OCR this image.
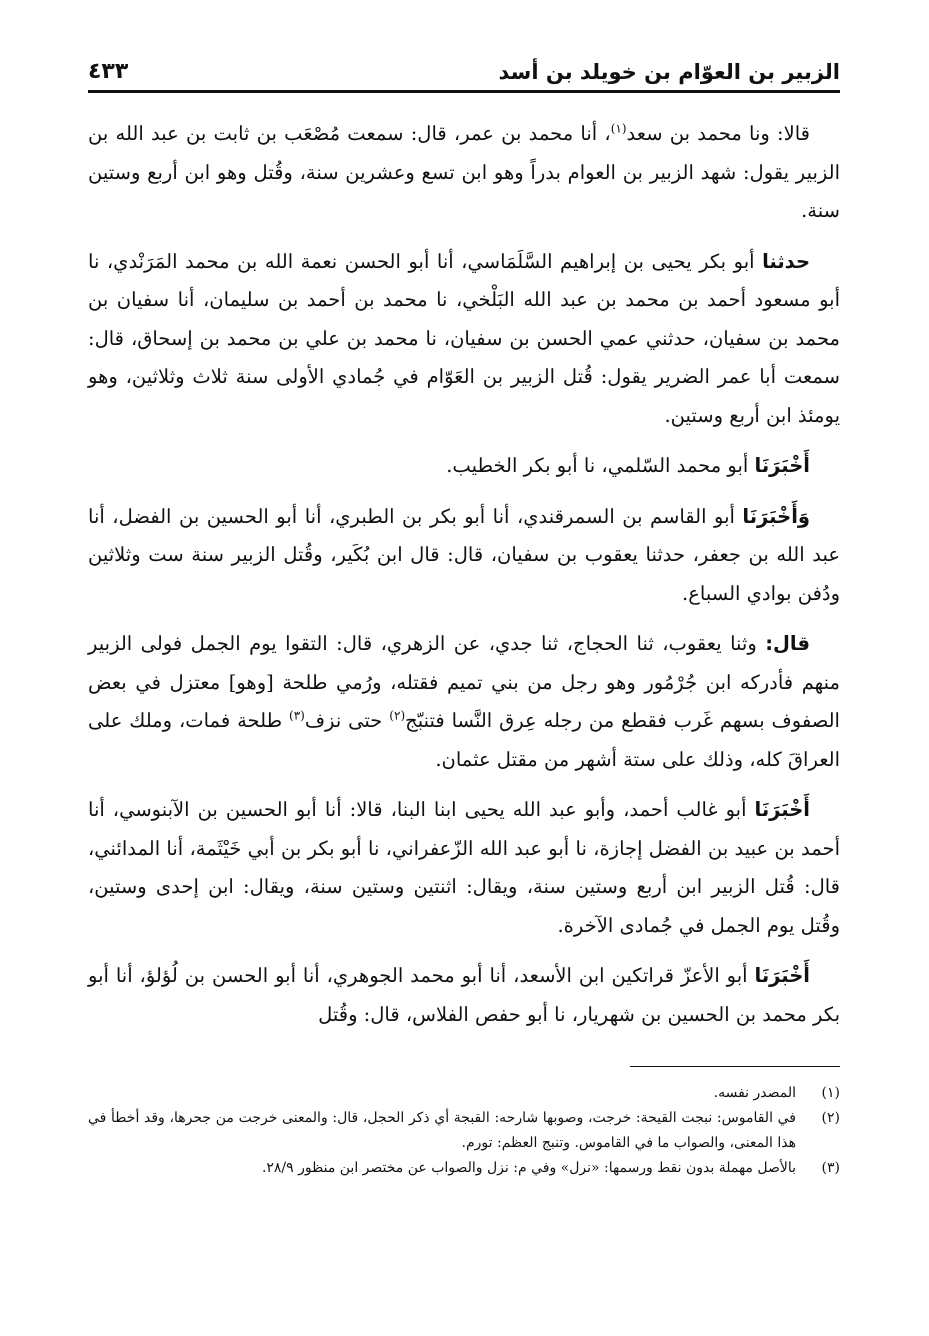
الزبير بن العوّام بن خويلد بن أسد
٤٣٣

قالا: ونا محمد بن سعد$^{(١)}$، أنا محمد بن عمر، قال: سمعت مُصْعَب بن ثابت بن عبد الله بن الزبير يقول: شهد الزبير بن العوام بدراً وهو ابن تسع وعشرين سنة، وقُتل وهو ابن أربع وستين سنة.

حدثنا أبو بكر يحيى بن إبراهيم السَّلَمَاسي، أنا أبو الحسن نعمة الله بن محمد المَرَنْدي، نا أبو مسعود أحمد بن محمد بن عبد الله البَلْخي، نا محمد بن أحمد بن سليمان، أنا سفيان بن محمد بن سفيان، حدثني عمي الحسن بن سفيان، نا محمد بن علي بن محمد بن إسحاق، قال: سمعت أبا عمر الضرير يقول: قُتل الزبير بن العَوّام في جُمادي الأولى سنة ثلاث وثلاثين، وهو يومئذ ابن أربع وستين.

أَخْبَرَنَا أبو محمد السّلمي، نا أبو بكر الخطيب.

وَأَخْبَرَنَا أبو القاسم بن السمرقندي، أنا أبو بكر بن الطبري، أنا أبو الحسين بن الفضل، أنا عبد الله بن جعفر، حدثنا يعقوب بن سفيان، قال: قال ابن بُكَير، وقُتل الزبير سنة ست وثلاثين ودُفن بوادي السباع.

قال: وثنا يعقوب، ثنا الحجاج، ثنا جدي، عن الزهري، قال: التقوا يوم الجمل فولى الزبير منهم فأدركه ابن جُرْمُور وهو رجل من بني تميم فقتله، ورُمي طلحة [وهو] معتزل في بعض الصفوف بسهم غَرب فقطع من رجله عِرق النَّسا فتنبّج$^{(٢)}$ حتى نزف$^{(٣)}$ طلحة فمات، وملك على العراقَ كله، وذلك على ستة أشهر من مقتل عثمان.

أَخْبَرَنَا أبو غالب أحمد، وأبو عبد الله يحيى ابنا البنا، قالا: أنا أبو الحسين بن الآبنوسي، أنا أحمد بن عبيد بن الفضل إجازة، نا أبو عبد الله الزّعفراني، نا أبو بكر بن أبي خَيْثَمة، أنا المدائني، قال: قُتل الزبير ابن أربع وستين سنة، ويقال: اثنتين وستين سنة، ويقال: ابن إحدى وستين، وقُتل يوم الجمل في جُمادى الآخرة.

أَخْبَرَنَا أبو الأعزّ قراتكين ابن الأسعد، أنا أبو محمد الجوهري، أنا أبو الحسن بن لُؤلؤ، أنا أبو بكر محمد بن الحسين بن شهريار، نا أبو حفص الفلاس، قال: وقُتل

(١)
المصدر نفسه.
(٢)
في القاموس: نبجت القيحة: خرجت، وصوبها شارحه: القبجة أي ذكر الحجل، قال: والمعنى خرجت من جحرها، وقد أخطأ في هذا المعنى، والصواب ما في القاموس. وتنبج العظم: تورم.
(٣)
بالأصل مهملة بدون نقط ورسمها: «نرل» وفي م: نزل والصواب عن مختصر ابن منظور ٢٨/٩.
